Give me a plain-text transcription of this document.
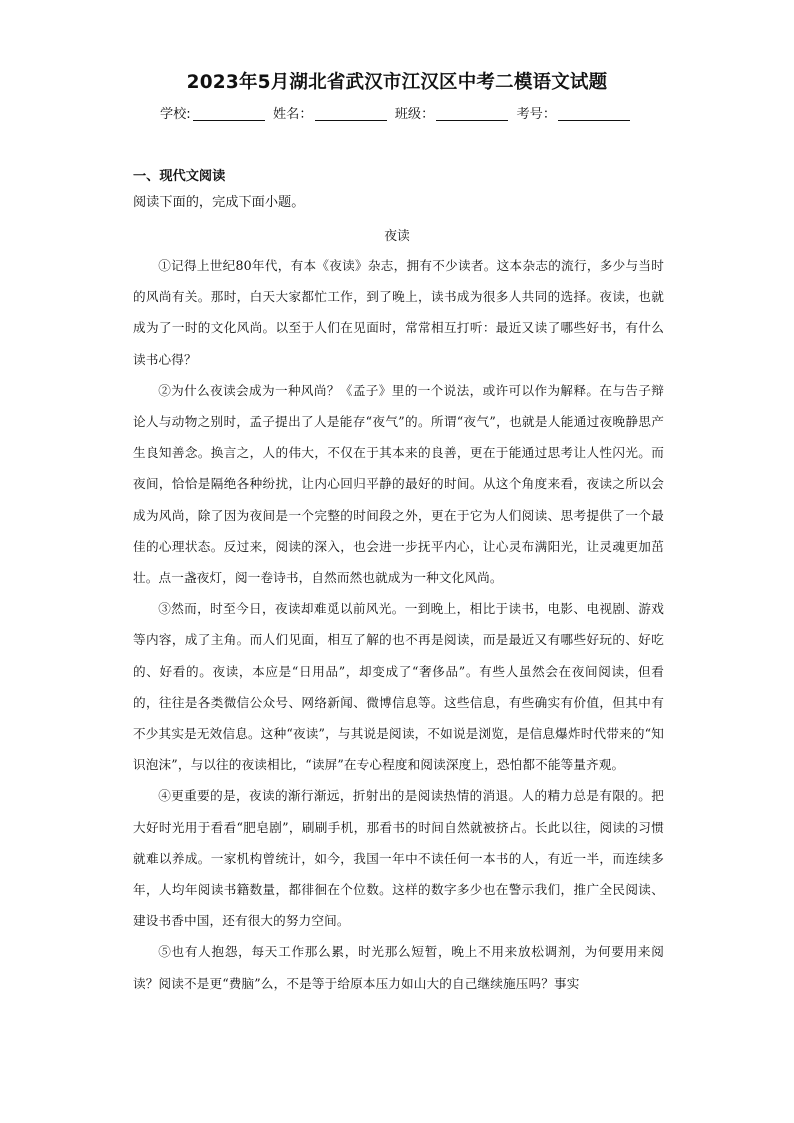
2023年5月湖北省武汉市江汉区中考二模语文试题
学校:	姓名：	班级：	考号：
一、现代文阅读
阅读下面的，完成下面小题。
夜读

①记得上世纪80年代，有本《夜读》杂志，拥有不少读者。这本杂志的流行，多少与当时的风尚有关。那时，白天大家都忙工作，到了晚上，读书成为很多人共同的选择。夜读，也就成为了一时的文化风尚。以至于人们在见面时，常常相互打听：最近又读了哪些好书，有什么读书心得？

②为什么夜读会成为一种风尚？《孟子》里的一个说法，或许可以作为解释。在与告子辩论人与动物之别时，孟子提出了人是能存“夜气”的。所谓“夜气”，也就是人能通过夜晚静思产生良知善念。换言之，人的伟大，不仅在于其本来的良善，更在于能通过思考让人性闪光。而夜间，恰恰是隔绝各种纷扰，让内心回归平静的最好的时间。从这个角度来看，夜读之所以会成为风尚，除了因为夜间是一个完整的时间段之外，更在于它为人们阅读、思考提供了一个最佳的心理状态。反过来，阅读的深入，也会进一步抚平内心，让心灵布满阳光，让灵魂更加茁壮。点一盏夜灯，阅一卷诗书，自然而然也就成为一种文化风尚。

③然而，时至今日，夜读却难觅以前风光。一到晚上，相比于读书，电影、电视剧、游戏等内容，成了主角。而人们见面，相互了解的也不再是阅读，而是最近又有哪些好玩的、好吃的、好看的。夜读，本应是“日用品”，却变成了“奢侈品”。有些人虽然会在夜间阅读，但看的，往往是各类微信公众号、网络新闻、微博信息等。这些信息，有些确实有价值，但其中有不少其实是无效信息。这种“夜读”，与其说是阅读，不如说是浏览，是信息爆炸时代带来的“知识泡沫”，与以往的夜读相比，“读屏”在专心程度和阅读深度上，恐怕都不能等量齐观。

④更重要的是，夜读的渐行渐远，折射出的是阅读热情的消退。人的精力总是有限的。把大好时光用于看看“肥皂剧”，刷刷手机，那看书的时间自然就被挤占。长此以往，阅读的习惯就难以养成。一家机构曾统计，如今，我国一年中不读任何一本书的人，有近一半，而连续多年，人均年阅读书籍数量，都徘徊在个位数。这样的数字多少也在警示我们，推广全民阅读、建设书香中国，还有很大的努力空间。

⑤也有人抱怨，每天工作那么累，时光那么短暂，晚上不用来放松调剂，为何要用来阅读？阅读不是更“费脑”么，不是等于给原本压力如山大的自己继续施压吗？事实
